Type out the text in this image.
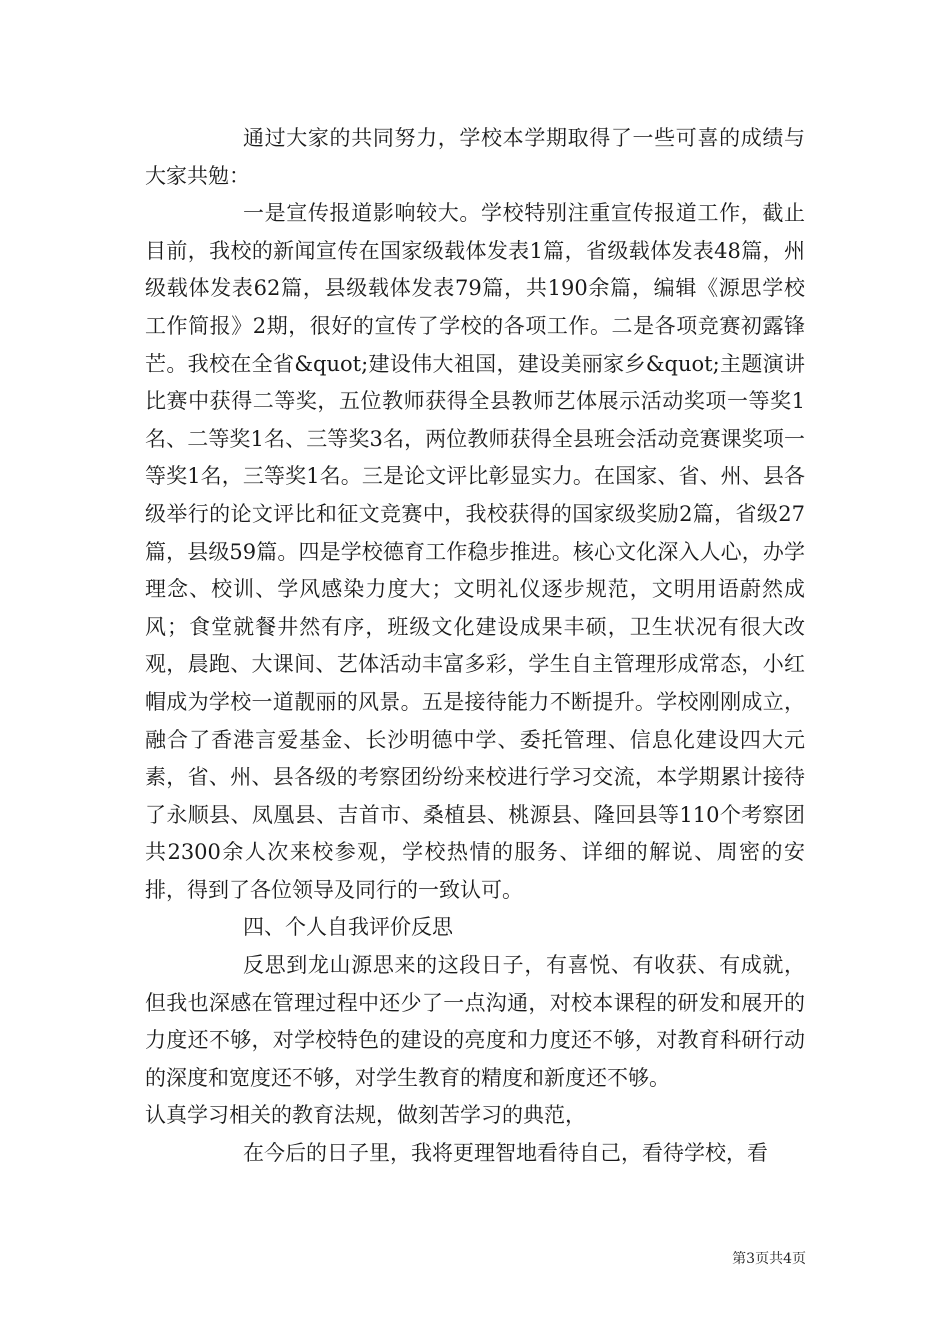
通过大家的共同努力，学校本学期取得了一些可喜的成绩与大家共勉：

一是宣传报道影响较大。学校特别注重宣传报道工作，截止目前，我校的新闻宣传在国家级载体发表1篇，省级载体发表48篇，州级载体发表62篇，县级载体发表79篇，共190余篇，编辑《源思学校工作简报》2期，很好的宣传了学校的各项工作。二是各项竞赛初露锋芒。我校在全省&quot;建设伟大祖国，建设美丽家乡&quot;主题演讲比赛中获得二等奖，五位教师获得全县教师艺体展示活动奖项一等奖1名、二等奖1名、三等奖3名，两位教师获得全县班会活动竞赛课奖项一等奖1名，三等奖1名。三是论文评比彰显实力。在国家、省、州、县各级举行的论文评比和征文竞赛中，我校获得的国家级奖励2篇，省级27篇，县级59篇。四是学校德育工作稳步推进。核心文化深入人心，办学理念、校训、学风感染力度大；文明礼仪逐步规范，文明用语蔚然成风；食堂就餐井然有序，班级文化建设成果丰硕，卫生状况有很大改观，晨跑、大课间、艺体活动丰富多彩，学生自主管理形成常态，小红帽成为学校一道靓丽的风景。五是接待能力不断提升。学校刚刚成立，融合了香港言爱基金、长沙明德中学、委托管理、信息化建设四大元素，省、州、县各级的考察团纷纷来校进行学习交流，本学期累计接待了永顺县、凤凰县、吉首市、桑植县、桃源县、隆回县等110个考察团共2300余人次来校参观，学校热情的服务、详细的解说、周密的安排，得到了各位领导及同行的一致认可。

四、个人自我评价反思

反思到龙山源思来的这段日子，有喜悦、有收获、有成就，但我也深感在管理过程中还少了一点沟通，对校本课程的研发和展开的力度还不够，对学校特色的建设的亮度和力度还不够，对教育科研行动的深度和宽度还不够，对学生教育的精度和新度还不够。

认真学习相关的教育法规，做刻苦学习的典范，

在今后的日子里，我将更理智地看待自己，看待学校，看

第3页共4页
